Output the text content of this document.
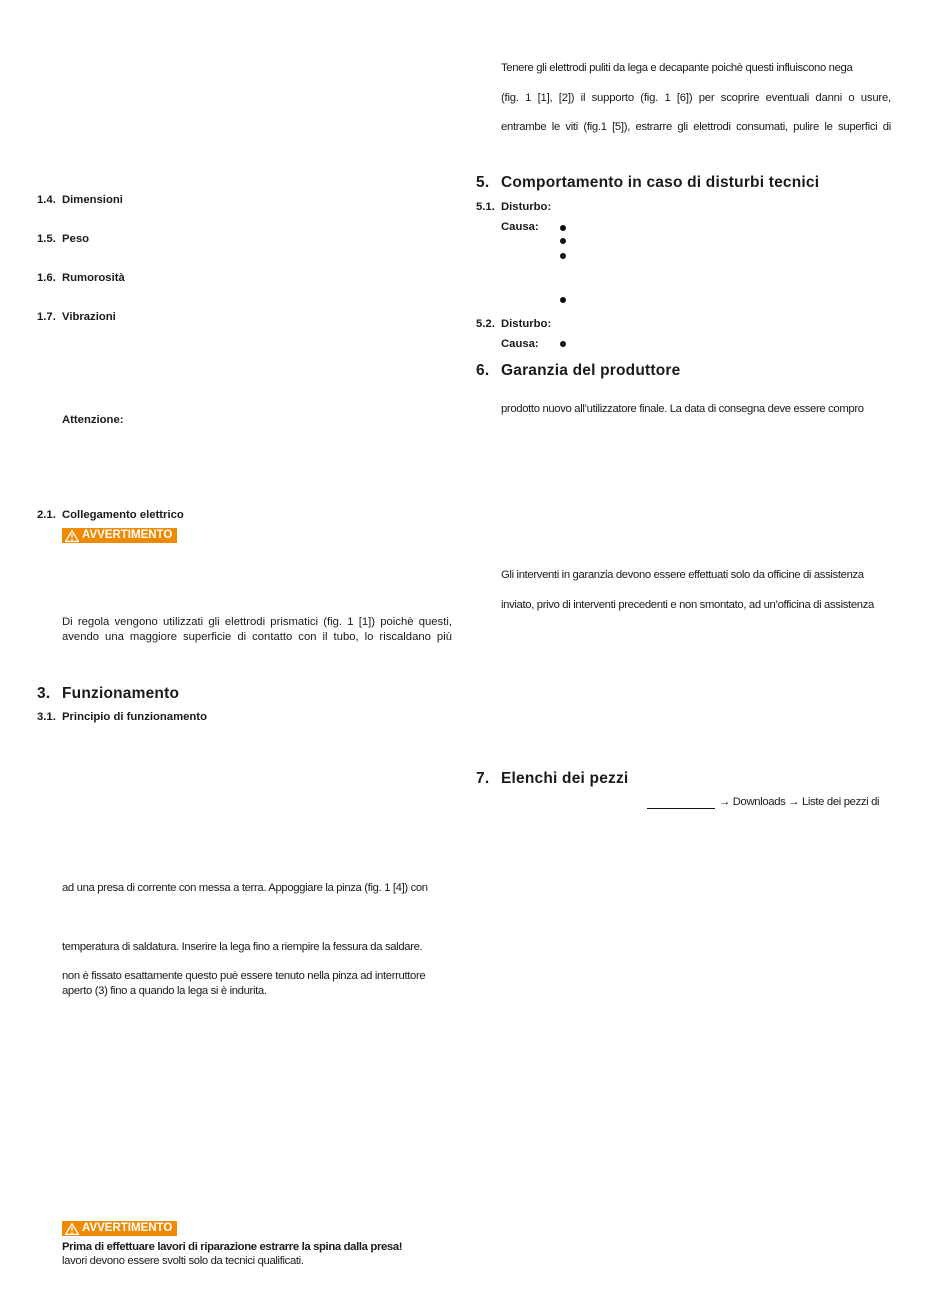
1.4. Dimensioni
1.5. Peso
1.6. Rumorosità
1.7. Vibrazioni
Attenzione:
2.1. Collegamento elettrico
AVVERTIMENTO
Di regola vengono utilizzati gli elettrodi prismatici (fig. 1 [1]) poichè questi,
avendo una maggiore superficie di contatto con il tubo, lo riscaldano più
3. Funzionamento
3.1. Principio di funzionamento
ad una presa di corrente con messa a terra. Appoggiare la pinza (fig. 1 [4]) con
temperatura di saldatura. Inserire la lega fino a riempire la fessura da saldare.
non è fissato esattamente questo puè essere tenuto nella pinza ad interruttore
aperto (3) fino a quando la lega si è indurita.
AVVERTIMENTO
Prima di effettuare lavori di riparazione estrarre la spina dalla presa!
lavori devono essere svolti solo da tecnici qualificati.
Tenere gli elettrodi puliti da lega e decapante poichè questi influiscono nega
(fig. 1 [1], [2]) il supporto (fig. 1 [6]) per scoprire eventuali danni o usure,
entrambe le viti (fig.1 [5]), estrarre gli elettrodi consumati, pulire le superfici di
5. Comportamento in caso di disturbi tecnici
5.1. Disturbo:
Causa:
5.2. Disturbo:
Causa:
6. Garanzia del produttore
prodotto nuovo all’utilizzatore finale. La data di consegna deve essere compro
Gli interventi in garanzia devono essere effettuati solo da officine di assistenza
inviato, privo di interventi precedenti e non smontato, ad un’officina di assistenza
7. Elenchi dei pezzi
→ Downloads → Liste dei pezzi di
